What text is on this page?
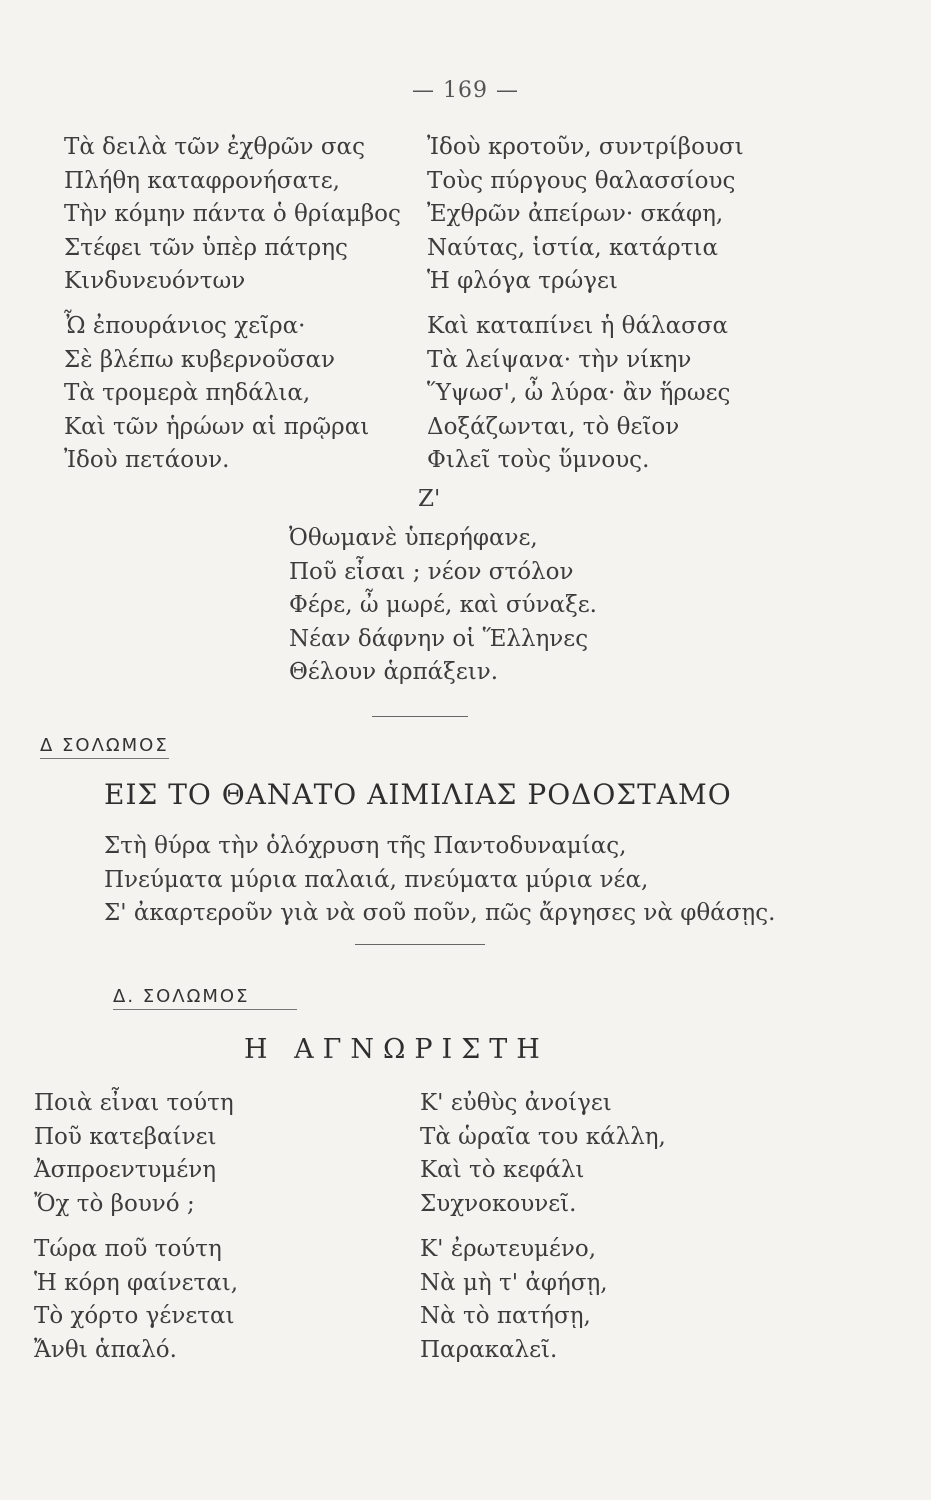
— 169 —
Τὰ δειλὰ τῶν ἐχθρῶν σας
Πλήθη καταφρονήσατε,
Τὴν κόμην πάντα ὁ θρίαμβος
Στέφει τῶν ὑπὲρ πάτρης
Κινδυνευόντων
Ὦ ἐπουράνιος χεῖρα·
Σὲ βλέπω κυβερνοῦσαν
Τὰ τρομερὰ πηδάλια,
Καὶ τῶν ἡρώων αἱ πρῷραι
Ἰδοὺ πετάουν.
Ἰδοὺ κροτοῦν, συντρίβουσι
Τοὺς πύργους θαλασσίους
Ἐχθρῶν ἀπείρων· σκάφη,
Ναύτας, ἱστία, κατάρτια
Ἡ φλόγα τρώγει
Καὶ καταπίνει ἡ θάλασσα
Τὰ λείψανα· τὴν νίκην
Ὕψωσ', ὦ λύρα· ἂν ἥρωες
Δοξάζωνται, τὸ θεῖον
Φιλεῖ τοὺς ὕμνους.
Ζ'
Ὀθωμανὲ ὑπερήφανε,
Ποῦ εἶσαι ; νέον στόλον
Φέρε, ὦ μωρέ, καὶ σύναξε.
Νέαν δάφνην οἱ Ἕλληνες
Θέλουν ἁρπάξειν.
Δ ΣΟΛΩΜΟΣ
ΕΙΣ ΤΟ ΘΑΝΑΤΟ ΑΙΜΙΛΙΑΣ ΡΟΔΟΣΤΑΜΟ
Στὴ θύρα τὴν ὁλόχρυση τῆς Παντοδυναμίας,
Πνεύματα μύρια παλαιά, πνεύματα μύρια νέα,
Σ' ἀκαρτεροῦν γιὰ νὰ σοῦ ποῦν, πῶς ἄργησες νὰ φθάσῃς.
Δ. ΣΟΛΩΜΟΣ
Η ΑΓΝΩΡΙΣΤΗ
Ποιὰ εἶναι τούτη
Ποῦ κατεβαίνει
Ἀσπροεντυμένη
Ὄχ τὸ βουνό ;
Τώρα ποῦ τούτη
Ἡ κόρη φαίνεται,
Τὸ χόρτο γένεται
Ἄνθι ἁπαλό.
Κ' εὐθὺς ἀνοίγει
Τὰ ὡραῖα του κάλλη,
Καὶ τὸ κεφάλι
Συχνοκουνεῖ.
Κ' ἐρωτευμένο,
Νὰ μὴ τ' ἀφήσῃ,
Νὰ τὸ πατήσῃ,
Παρακαλεῖ.
